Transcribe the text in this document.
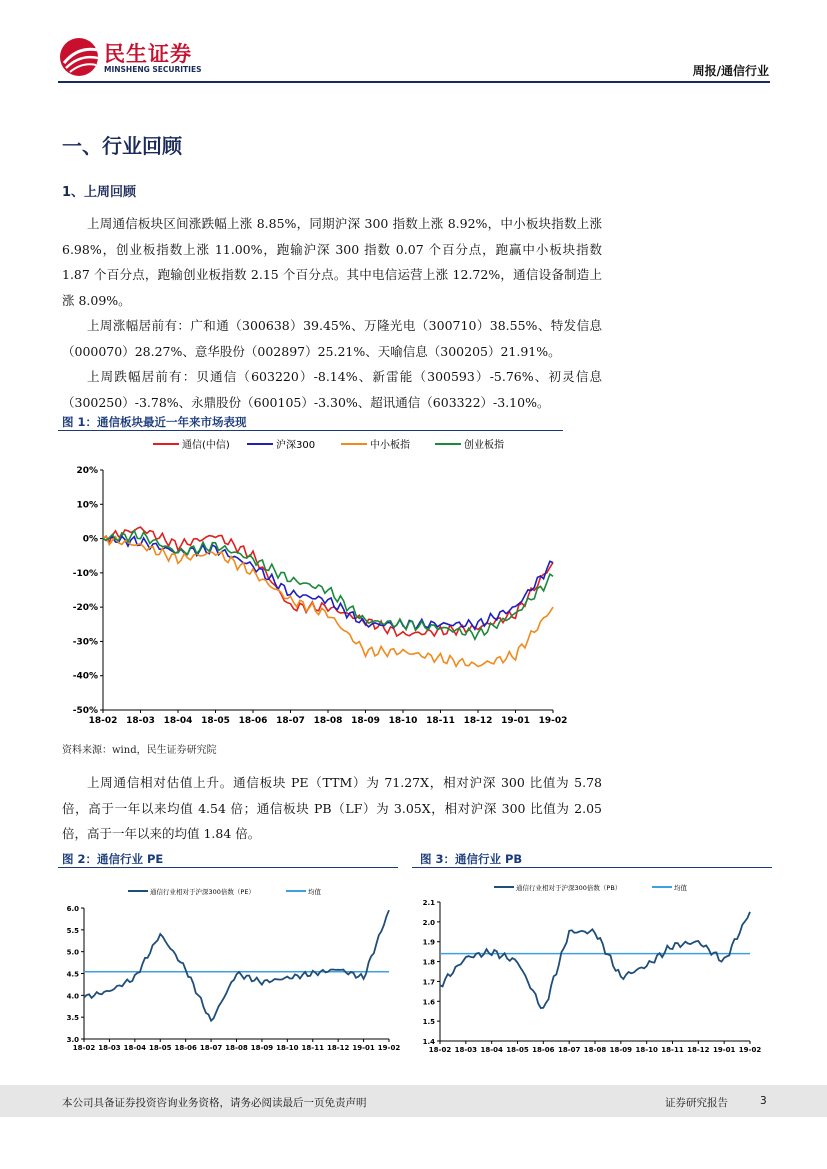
民生证券
MINSHENG SECURITIES	周报/通信行业
一、行业回顾
1、上周回顾

上周通信板块区间涨跌幅上涨 8.85%，同期沪深 300 指数上涨 8.92%，中小板块指数上涨 6.98%，创业板指数上涨 11.00%，跑输沪深 300 指数 0.07 个百分点，跑赢中小板块指数 1.87 个百分点，跑输创业板指数 2.15 个百分点。其中电信运营上涨 12.72%，通信设备制造上涨 8.09%。

上周涨幅居前有：广和通（300638）39.45%、万隆光电（300710）38.55%、特发信息（000070）28.27%、意华股份（002897）25.21%、天喻信息（300205）21.91%。

上周跌幅居前有：贝通信（603220）-8.14%、新雷能（300593）-5.76%、初灵信息（300250）-3.78%、永鼎股份（600105）-3.30%、超讯通信（603322）-3.10%。

图 1：通信板块最近一年来市场表现
通信(中信)	沪深300	中小板指	创业板指
20%
10%
0%
-10%
-20%
-30%
-40%
-50%
18-02 18-03 18-04 18-05 18-06 18-07 18-08 18-09 18-10 18-11 18-12 19-01 19-02
资料来源：wind，民生证券研究院

上周通信相对估值上升。通信板块 PE（TTM）为 71.27X，相对沪深 300 比值为 5.78 倍，高于一年以来均值 4.54 倍；通信板块 PB（LF）为 3.05X，相对沪深 300 比值为 2.05 倍，高于一年以来的均值 1.84 倍。

图 2：通信行业 PE	图 3：通信行业 PB
通信行业相对于沪深300倍数（PE）	均值
6.0
5.5
5.0
4.5
4.0
3.5
3.0
18-02 18-03 18-04 18-05 18-06 18-07 18-08 18-09 18-10 18-11 18-12 19-01 19-02
通信行业相对于沪深300倍数（PB）	均值
2.1
2.0
1.9
1.8
1.7
1.6
1.5
1.4
18-02 18-03 18-04 18-05 18-06 18-07 18-08 18-09 18-10 18-11 18-12 19-01 19-02
本公司具备证券投资咨询业务资格，请务必阅读最后一页免责声明	证券研究报告	3
